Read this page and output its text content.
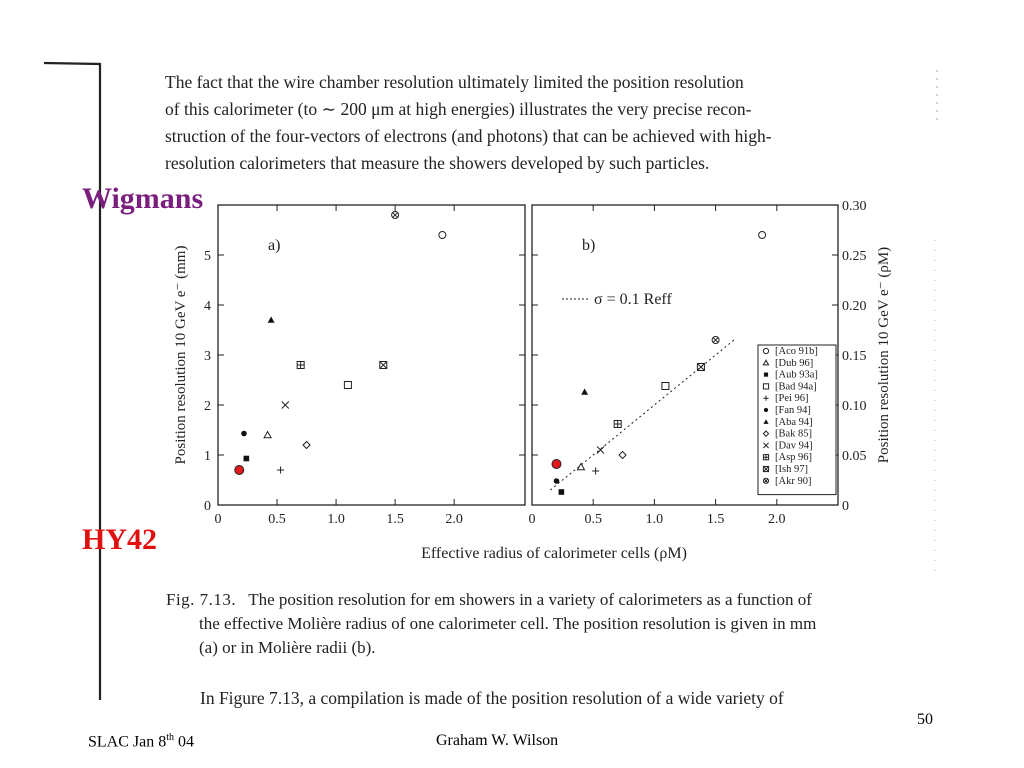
The fact that the wire chamber resolution ultimately limited the position resolution
of this calorimeter (to ∼ 200 μm at high energies) illustrates the very precise recon-
struction of the four-vectors of electrons (and photons) that can be achieved with high-
resolution calorimeters that measure the showers developed by such particles.
0	0.5	1.0	1.5	2.0
0
1
2
3
4
5
Position resolution 10 GeV e⁻ (mm)
a)
0	0.5	1.0	1.5	2.0
0
0.05
0.10
0.15
0.20
0.25
0.30
Position resolution 10 GeV e⁻ (ρM)
b)
σ = 0.1 Reff
[Aco 91b]
[Dub 96]
[Aub 93a]
[Bad 94a]
[Pei 96]
[Fan 94]
[Aba 94]
[Bak 85]
[Dav 94]
[Asp 96]
[Ish 97]
[Akr 90]
Effective radius of calorimeter cells (ρM)
Fig. 7.13. The position resolution for em showers in a variety of calorimeters as a function of
the effective Molière radius of one calorimeter cell. The position resolution is given in mm
(a) or in Molière radii (b).
In Figure 7.13, a compilation is made of the position resolution of a wide variety of
Wigmans
HY42
50
SLAC Jan 8th 04	Graham W. Wilson
